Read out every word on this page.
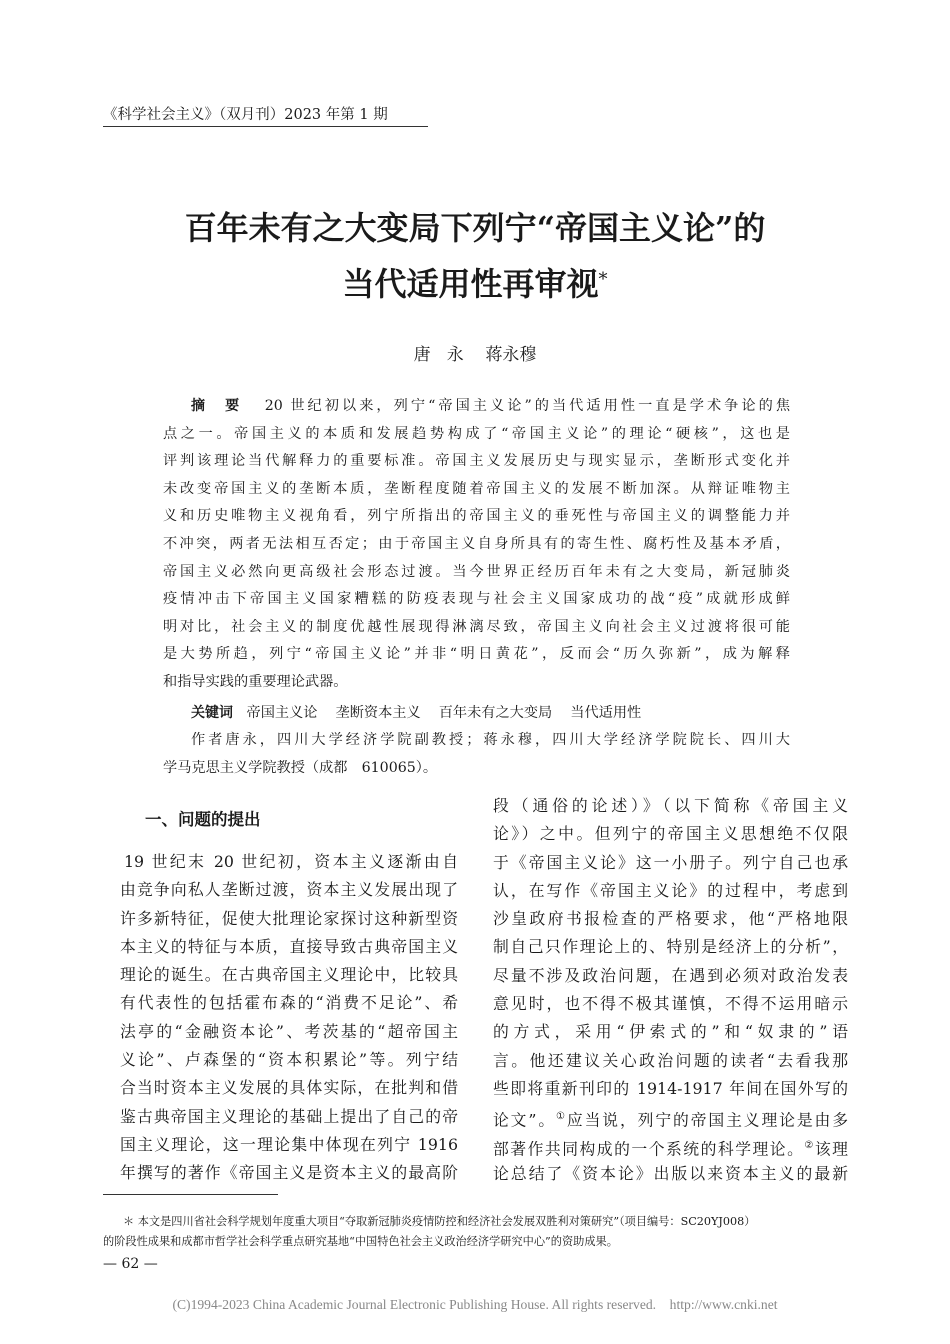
《科学社会主义》（双月刊）2023 年第 1 期
百年未有之大变局下列宁“帝国主义论”的
当代适用性再审视*
唐   永    蒋永穆
摘　要 20 世纪初以来，列宁“帝国主义论”的当代适用性一直是学术争论的焦
点之一。帝国主义的本质和发展趋势构成了“帝国主义论”的理论“硬核”，这也是
评判该理论当代解释力的重要标准。帝国主义发展历史与现实显示，垄断形式变化并
未改变帝国主义的垄断本质，垄断程度随着帝国主义的发展不断加深。从辩证唯物主
义和历史唯物主义视角看，列宁所指出的帝国主义的垂死性与帝国主义的调整能力并
不冲突，两者无法相互否定；由于帝国主义自身所具有的寄生性、腐朽性及基本矛盾，
帝国主义必然向更高级社会形态过渡。当今世界正经历百年未有之大变局，新冠肺炎
疫情冲击下帝国主义国家糟糕的防疫表现与社会主义国家成功的战“疫”成就形成鲜
明对比，社会主义的制度优越性展现得淋漓尽致，帝国主义向社会主义过渡将很可能
是大势所趋，列宁“帝国主义论”并非“明日黄花”，反而会“历久弥新”，成为解释
和指导实践的重要理论武器。
关键词 帝国主义论 垄断资本主义 百年未有之大变局 当代适用性
作者唐永，四川大学经济学院副教授；蒋永穆，四川大学经济学院院长、四川大
学马克思主义学院教授（成都　610065）。
一、问题的提出
19 世纪末 20 世纪初，资本主义逐渐由自
由竞争向私人垄断过渡，资本主义发展出现了
许多新特征，促使大批理论家探讨这种新型资
本主义的特征与本质，直接导致古典帝国主义
理论的诞生。在古典帝国主义理论中，比较具
有代表性的包括霍布森的“消费不足论”、希
法亭的“金融资本论”、考茨基的“超帝国主
义论”、卢森堡的“资本积累论”等。列宁结
合当时资本主义发展的具体实际，在批判和借
鉴古典帝国主义理论的基础上提出了自己的帝
国主义理论，这一理论集中体现在列宁 1916
年撰写的著作《帝国主义是资本主义的最高阶
段（通俗的论述）》（以下简称《帝国主义
论》）之中。但列宁的帝国主义思想绝不仅限
于《帝国主义论》这一小册子。列宁自己也承
认，在写作《帝国主义论》的过程中，考虑到
沙皇政府书报检查的严格要求，他“严格地限
制自己只作理论上的、特别是经济上的分析”，
尽量不涉及政治问题，在遇到必须对政治发表
意见时，也不得不极其谨慎，不得不运用暗示
的方式，采用“伊索式的”和“奴隶的”语
言。他还建议关心政治问题的读者“去看我那
些即将重新刊印的 1914-1917 年间在国外写的
论文”。①应当说，列宁的帝国主义理论是由多
部著作共同构成的一个系统的科学理论。②该理
论总结了《资本论》出版以来资本主义的最新
＊ 本文是四川省社会科学规划年度重大项目“夺取新冠肺炎疫情防控和经济社会发展双胜利对策研究”（项目编号：SC20YJ008）
的阶段性成果和成都市哲学社会科学重点研究基地“中国特色社会主义政治经济学研究中心”的资助成果。
— 62 —
(C)1994-2023 China Academic Journal Electronic Publishing House. All rights reserved.    http://www.cnki.net
